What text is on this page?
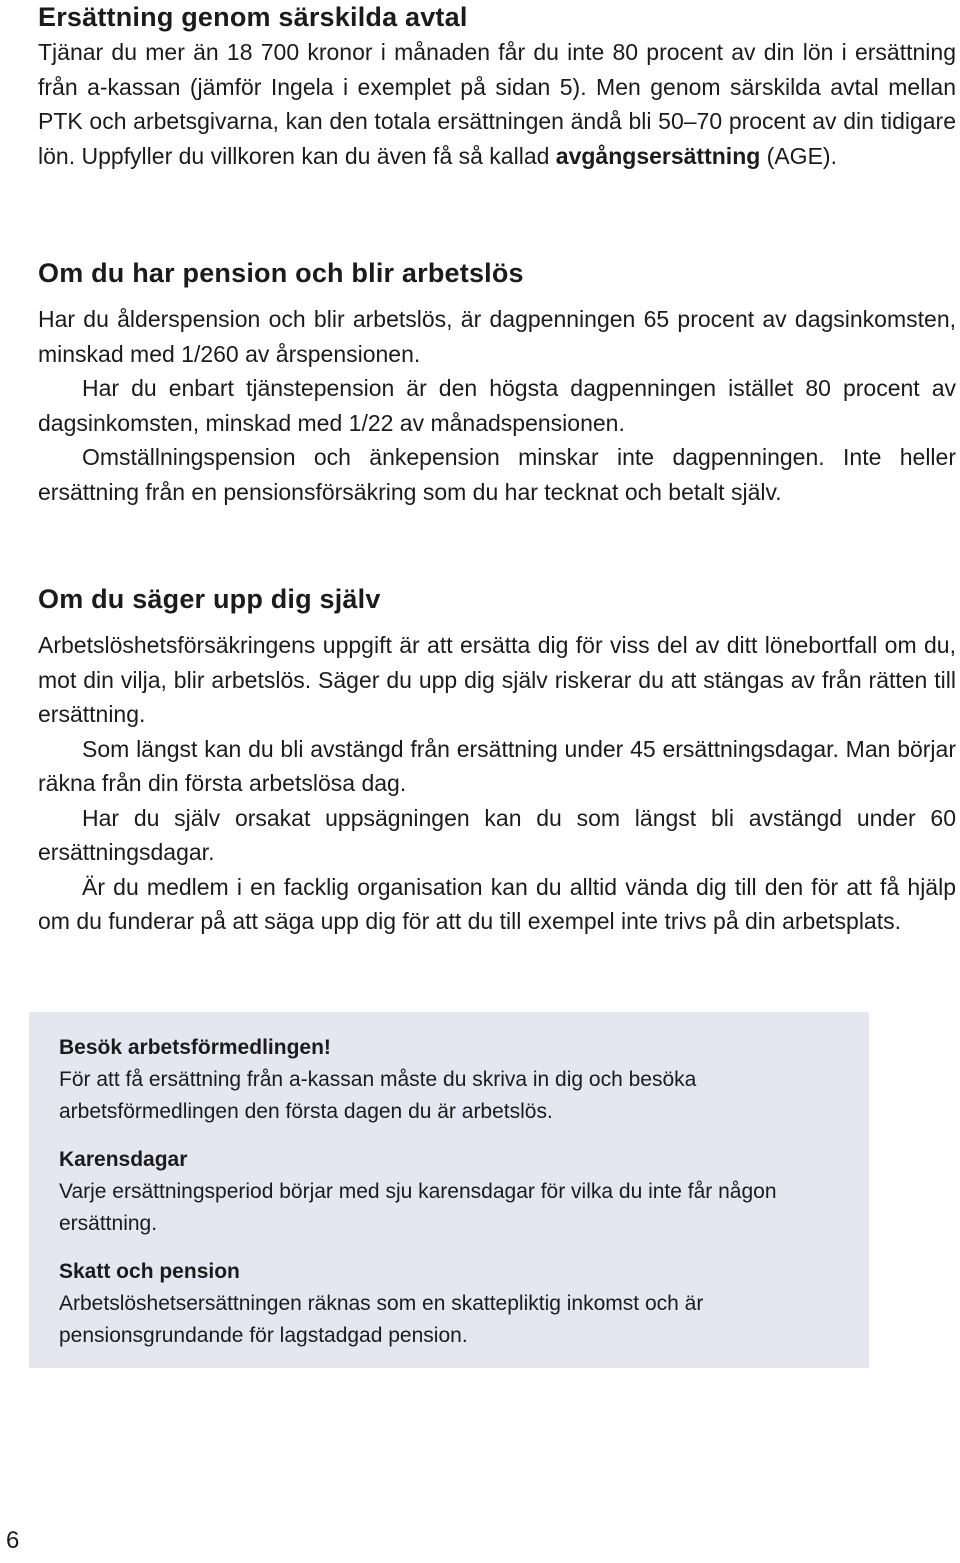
Ersättning genom särskilda avtal

Tjänar du mer än 18 700 kronor i månaden får du inte 80 procent av din lön i ersättning från a-kassan (jämför Ingela i exemplet på sidan 5). Men genom särskilda avtal mellan PTK och arbetsgivarna, kan den totala ersättningen ändå bli 50–70 procent av din tidigare lön. Uppfyller du villkoren kan du även få så kallad avgångsersättning (AGE).

Om du har pension och blir arbetslös

Har du ålderspension och blir arbetslös, är dagpenningen 65 procent av dagsinkomsten, minskad med 1/260 av årspensionen.

Har du enbart tjänstepension är den högsta dagpenningen istället 80 procent av dagsinkomsten, minskad med 1/22 av månadspensionen.

Omställningspension och änkepension minskar inte dagpenningen. Inte heller ersättning från en pensionsförsäkring som du har tecknat och betalt själv.

Om du säger upp dig själv

Arbetslöshetsförsäkringens uppgift är att ersätta dig för viss del av ditt lönebortfall om du, mot din vilja, blir arbetslös. Säger du upp dig själv riskerar du att stängas av från rätten till ersättning.

Som längst kan du bli avstängd från ersättning under 45 ersättningsdagar. Man börjar räkna från din första arbetslösa dag.

Har du själv orsakat uppsägningen kan du som längst bli avstängd under 60 ersättningsdagar.

Är du medlem i en facklig organisation kan du alltid vända dig till den för att få hjälp om du funderar på att säga upp dig för att du till exempel inte trivs på din arbetsplats.

Besök arbetsförmedlingen!

För att få ersättning från a-kassan måste du skriva in dig och besöka arbetsförmedlingen den första dagen du är arbetslös.

Karensdagar

Varje ersättningsperiod börjar med sju karensdagar för vilka du inte får någon ersättning.

Skatt och pension

Arbetslöshetsersättningen räknas som en skattepliktig inkomst och är pensionsgrundande för lagstadgad pension.

6
